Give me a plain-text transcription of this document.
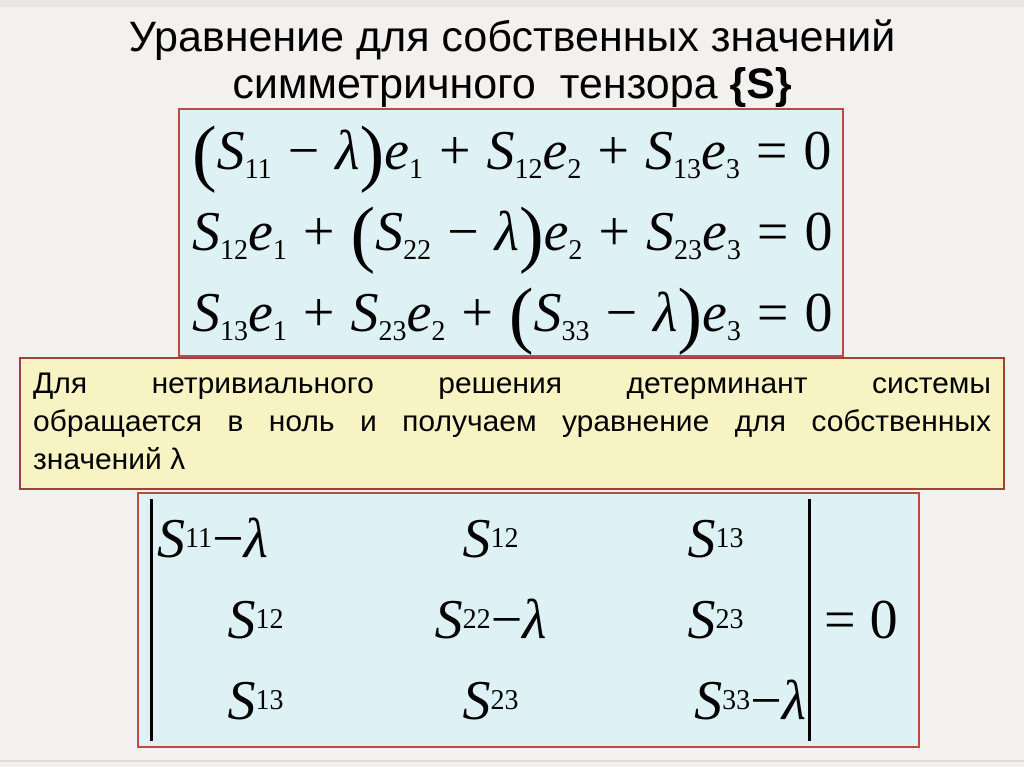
Уравнение для собственных значений
симметричного  тензора {S}
$(S_{11} - \lambda)e_1 + S_{12}e_2 + S_{13}e_3 = 0$
$S_{12}e_1 + (S_{22} - \lambda)e_2 + S_{23}e_3 = 0$
$S_{13}e_1 + S_{23}e_2 + (S_{33} - \lambda)e_3 = 0$
Для нетривиального решения детерминант системы
обращается в ноль и получаем уравнение для собственных
значений λ
S 11 − λ	S 12	S 13
S 12	S 22 − λ	S 23
S 13	S 23	S 33 − λ
= 0
